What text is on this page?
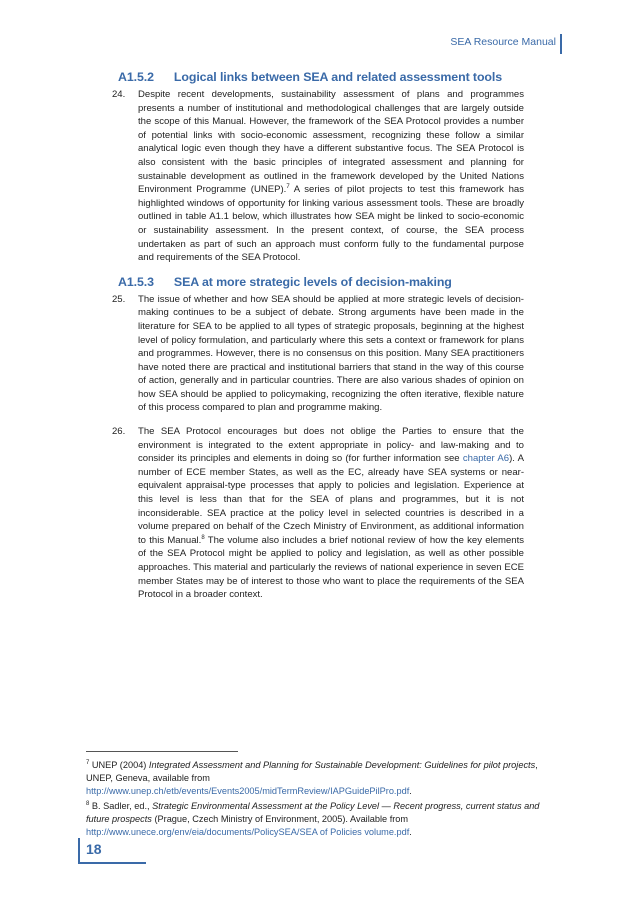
SEA Resource Manual
A1.5.2 Logical links between SEA and related assessment tools

24. Despite recent developments, sustainability assessment of plans and programmes presents a number of institutional and methodological challenges that are largely outside the scope of this Manual. However, the framework of the SEA Protocol provides a number of potential links with socio-economic assessment, recognizing these follow a similar analytical logic even though they have a different substantive focus. The SEA Protocol is also consistent with the basic principles of integrated assessment and planning for sustainable development as outlined in the framework developed by the United Nations Environment Programme (UNEP).$^7$ A series of pilot projects to test this framework has highlighted windows of opportunity for linking various assessment tools. These are broadly outlined in table A1.1 below, which illustrates how SEA might be linked to socio-economic or sustainability assessment. In the present context, of course, the SEA process undertaken as part of such an approach must conform fully to the fundamental purpose and requirements of the SEA Protocol.

A1.5.3 SEA at more strategic levels of decision-making

25. The issue of whether and how SEA should be applied at more strategic levels of decision-making continues to be a subject of debate. Strong arguments have been made in the literature for SEA to be applied to all types of strategic proposals, beginning at the highest level of policy formulation, and particularly where this sets a context or framework for plans and programmes. However, there is no consensus on this position. Many SEA practitioners have noted there are practical and institutional barriers that stand in the way of this course of action, generally and in particular countries. There are also various shades of opinion on how SEA should be applied to policymaking, recognizing the often iterative, flexible nature of this process compared to plan and programme making.

26. The SEA Protocol encourages but does not oblige the Parties to ensure that the environment is integrated to the extent appropriate in policy- and law-making and to consider its principles and elements in doing so (for further information see chapter A6). A number of ECE member States, as well as the EC, already have SEA systems or near-equivalent appraisal-type processes that apply to policies and legislation. Experience at this level is less than that for the SEA of plans and programmes, but it is not inconsiderable. SEA practice at the policy level in selected countries is described in a volume prepared on behalf of the Czech Ministry of Environment, as additional information to this Manual.$^8$ The volume also includes a brief notional review of how the key elements of the SEA Protocol might be applied to policy and legislation, as well as other possible approaches. This material and particularly the reviews of national experience in seven ECE member States may be of interest to those who want to place the requirements of the SEA Protocol in a broader context.

$^7$ UNEP (2004) Integrated Assessment and Planning for Sustainable Development: Guidelines for pilot projects, UNEP, Geneva, available from
http://www.unep.ch/etb/events/Events2005/midTermReview/IAPGuidePilPro.pdf.

$^8$ B. Sadler, ed., Strategic Environmental Assessment at the Policy Level — Recent progress, current status and future prospects (Prague, Czech Ministry of Environment, 2005). Available from
http://www.unece.org/env/eia/documents/PolicySEA/SEA of Policies volume.pdf.

18
